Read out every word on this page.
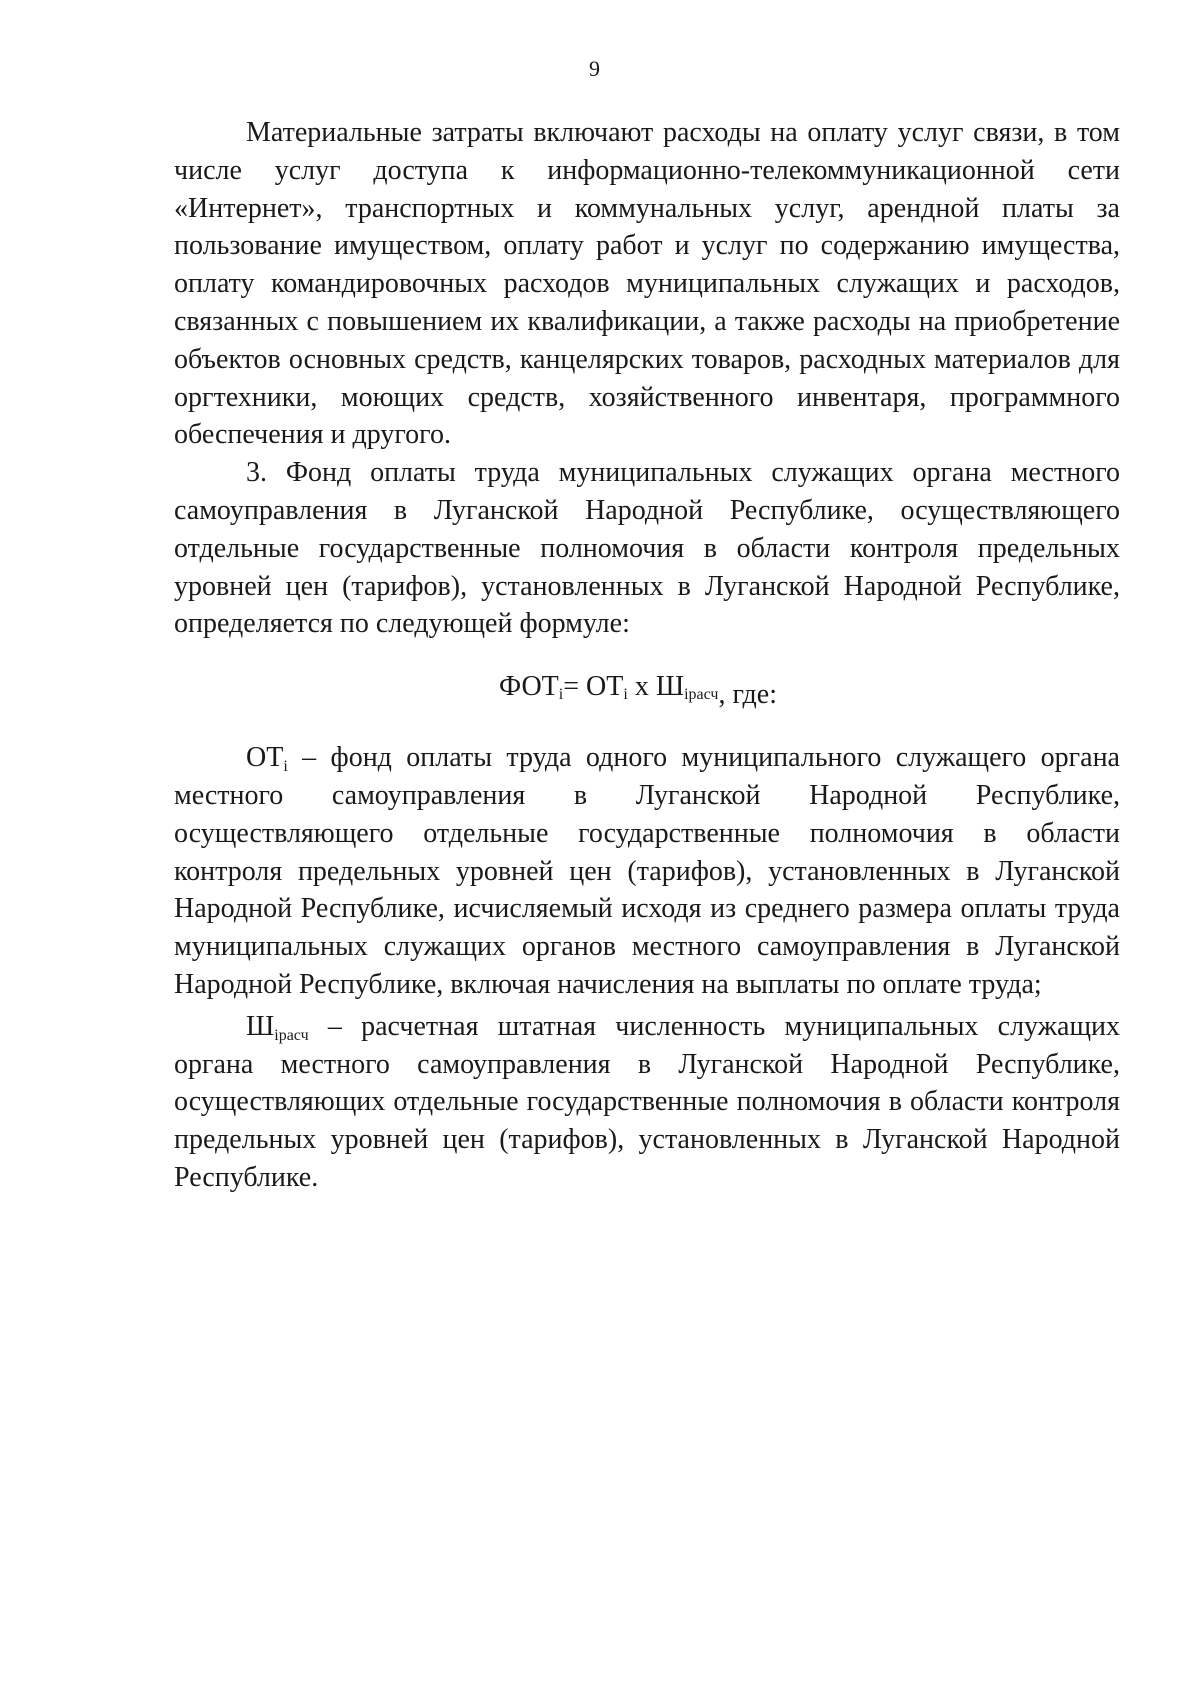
9

Материальные затраты включают расходы на оплату услуг связи, в том числе услуг доступа к информационно-телекоммуникационной сети «Интернет», транспортных и коммунальных услуг, арендной платы за пользование имуществом, оплату работ и услуг по содержанию имущества, оплату командировочных расходов муниципальных служащих и расходов, связанных с повышением их квалификации, а также расходы на приобретение объектов основных средств, канцелярских товаров, расходных материалов для оргтехники, моющих средств, хозяйственного инвентаря, программного обеспечения и другого.

3. Фонд оплаты труда муниципальных служащих органа местного самоуправления в Луганской Народной Республике, осуществляющего отдельные государственные полномочия в области контроля предельных уровней цен (тарифов), установленных в Луганской Народной Республике, определяется по следующей формуле:

$ФОТ_i= ОТ_i$ х $Ш_{iрасч}$, где:

$ОТ_i$ – фонд оплаты труда одного муниципального служащего органа местного самоуправления в Луганской Народной Республике, осуществляющего отдельные государственные полномочия в области контроля предельных уровней цен (тарифов), установленных в Луганской Народной Республике, исчисляемый исходя из среднего размера оплаты труда муниципальных служащих органов местного самоуправления в Луганской Народной Республике, включая начисления на выплаты по оплате труда;

$Ш_{iрасч}$ – расчетная штатная численность муниципальных служащих органа местного самоуправления в Луганской Народной Республике, осуществляющих отдельные государственные полномочия в области контроля предельных уровней цен (тарифов), установленных в Луганской Народной Республике.
